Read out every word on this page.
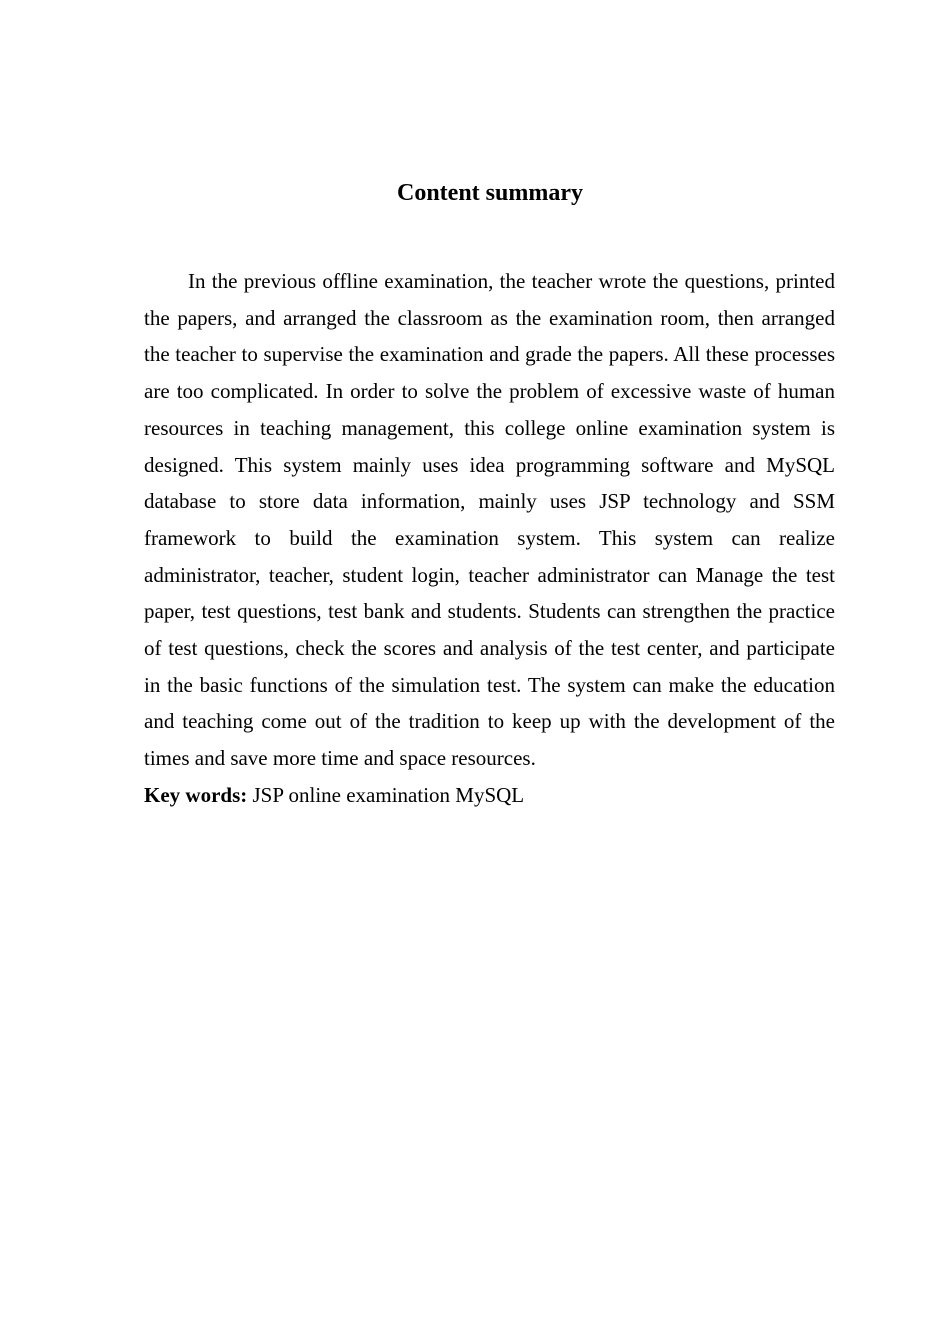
Content summary

In the previous offline examination, the teacher wrote the questions, printed the papers, and arranged the classroom as the examination room, then arranged the teacher to supervise the examination and grade the papers. All these processes are too complicated. In order to solve the problem of excessive waste of human resources in teaching management, this college online examination system is designed. This system mainly uses idea programming software and MySQL database to store data information, mainly uses JSP technology and SSM framework to build the examination system. This system can realize administrator, teacher, student login, teacher administrator can Manage the test paper, test questions, test bank and students. Students can strengthen the practice of test questions, check the scores and analysis of the test center, and participate in the basic functions of the simulation test. The system can make the education and teaching come out of the tradition to keep up with the development of the times and save more time and space resources.

Key words: JSP online examination MySQL
